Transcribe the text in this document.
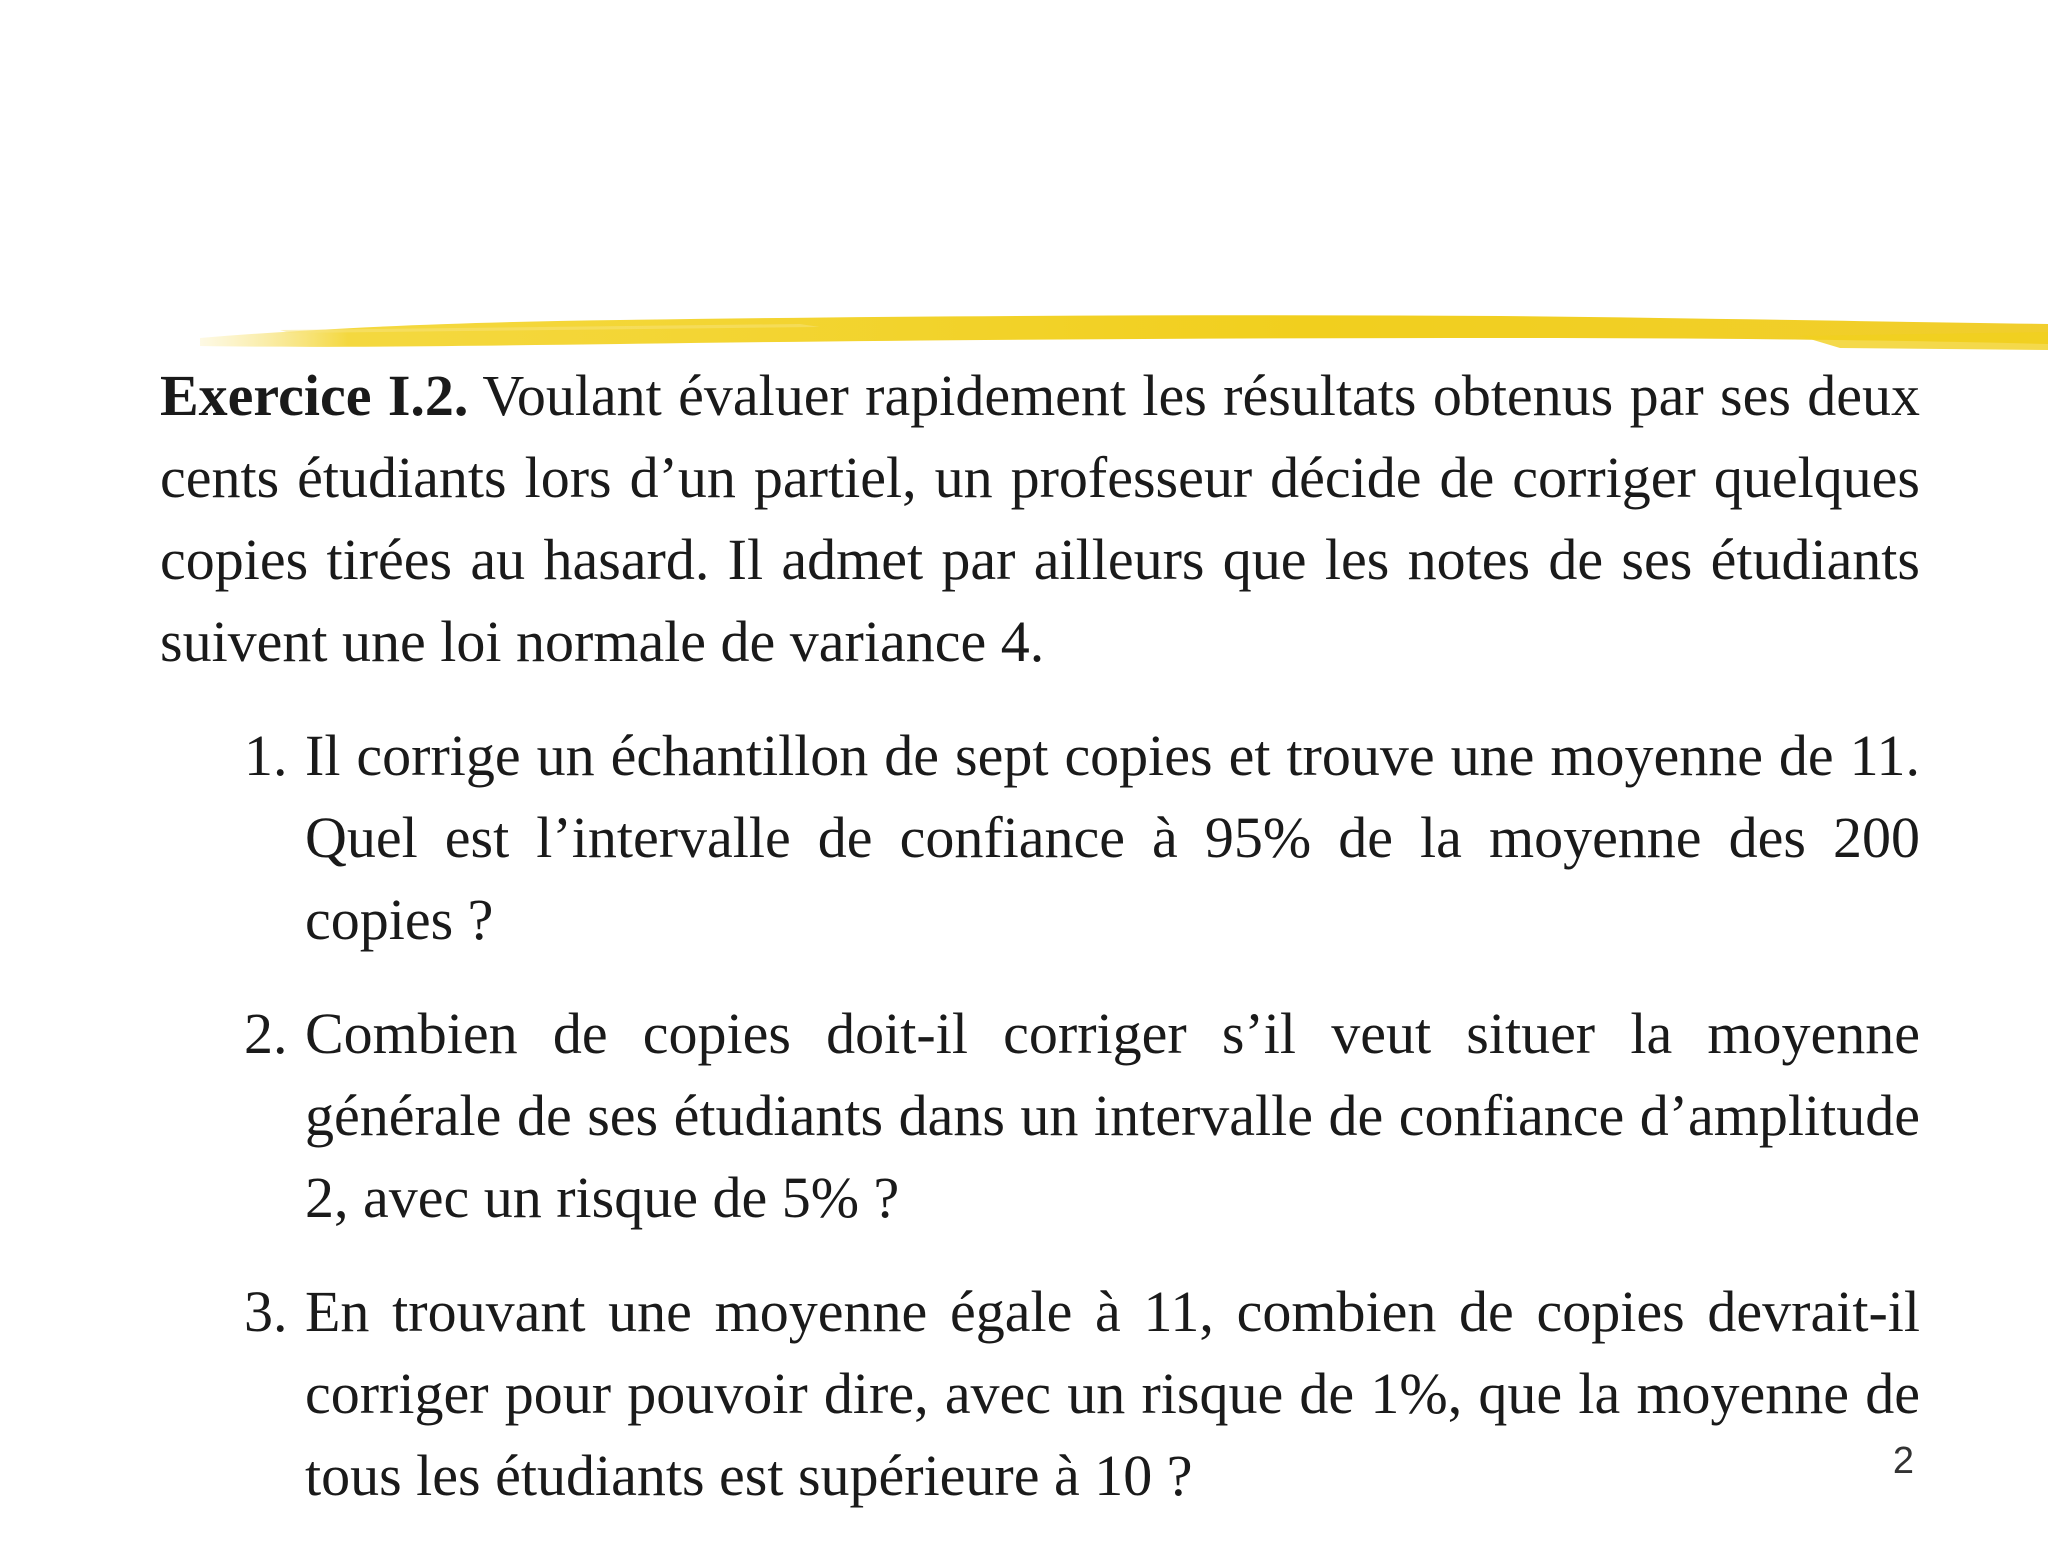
Exercice I.2. Voulant évaluer rapidement les résultats obtenus par ses deux cents étudiants lors d’un partiel, un professeur décide de corriger quelques copies tirées au hasard. Il admet par ailleurs que les notes de ses étudiants suivent une loi normale de variance 4.

1. Il corrige un échantillon de sept copies et trouve une moyenne de 11. Quel est l’intervalle de confiance à 95% de la moyenne des 200 copies ?
2. Combien de copies doit-il corriger s’il veut situer la moyenne générale de ses étudiants dans un intervalle de confiance d’amplitude 2, avec un risque de 5% ?
3. En trouvant une moyenne égale à 11, combien de copies devrait-il corriger pour pouvoir dire, avec un risque de 1%, que la moyenne de tous les étudiants est supérieure à 10 ?	2
